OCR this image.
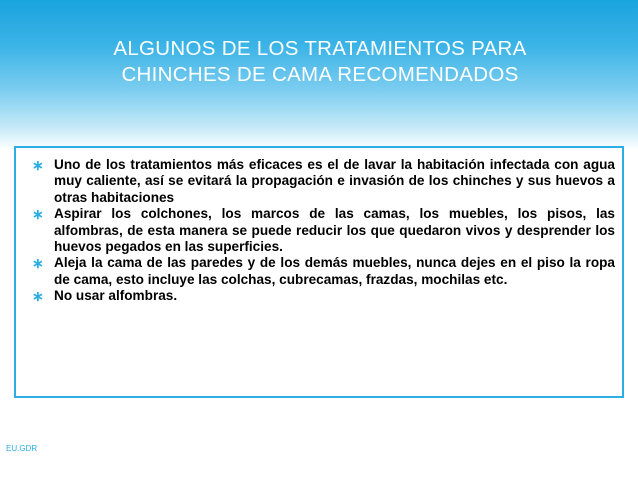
ALGUNOS DE LOS TRATAMIENTOS PARA
CHINCHES DE CAMA RECOMENDADOS
∗ Uno de los tratamientos más eficaces es el de lavar la habitación infectada con agua muy caliente, así se evitará la propagación e invasión de los chinches y sus huevos a otras habitaciones
∗ Aspirar los colchones, los marcos de las camas, los muebles, los pisos, las alfombras, de esta manera se puede reducir los que quedaron vivos y desprender los huevos pegados en las superficies.
∗ Aleja la cama de las paredes y de los demás muebles, nunca dejes en el piso la ropa de cama, esto incluye las colchas, cubrecamas, frazdas, mochilas etc.
∗ No usar alfombras.

EU.GDR
